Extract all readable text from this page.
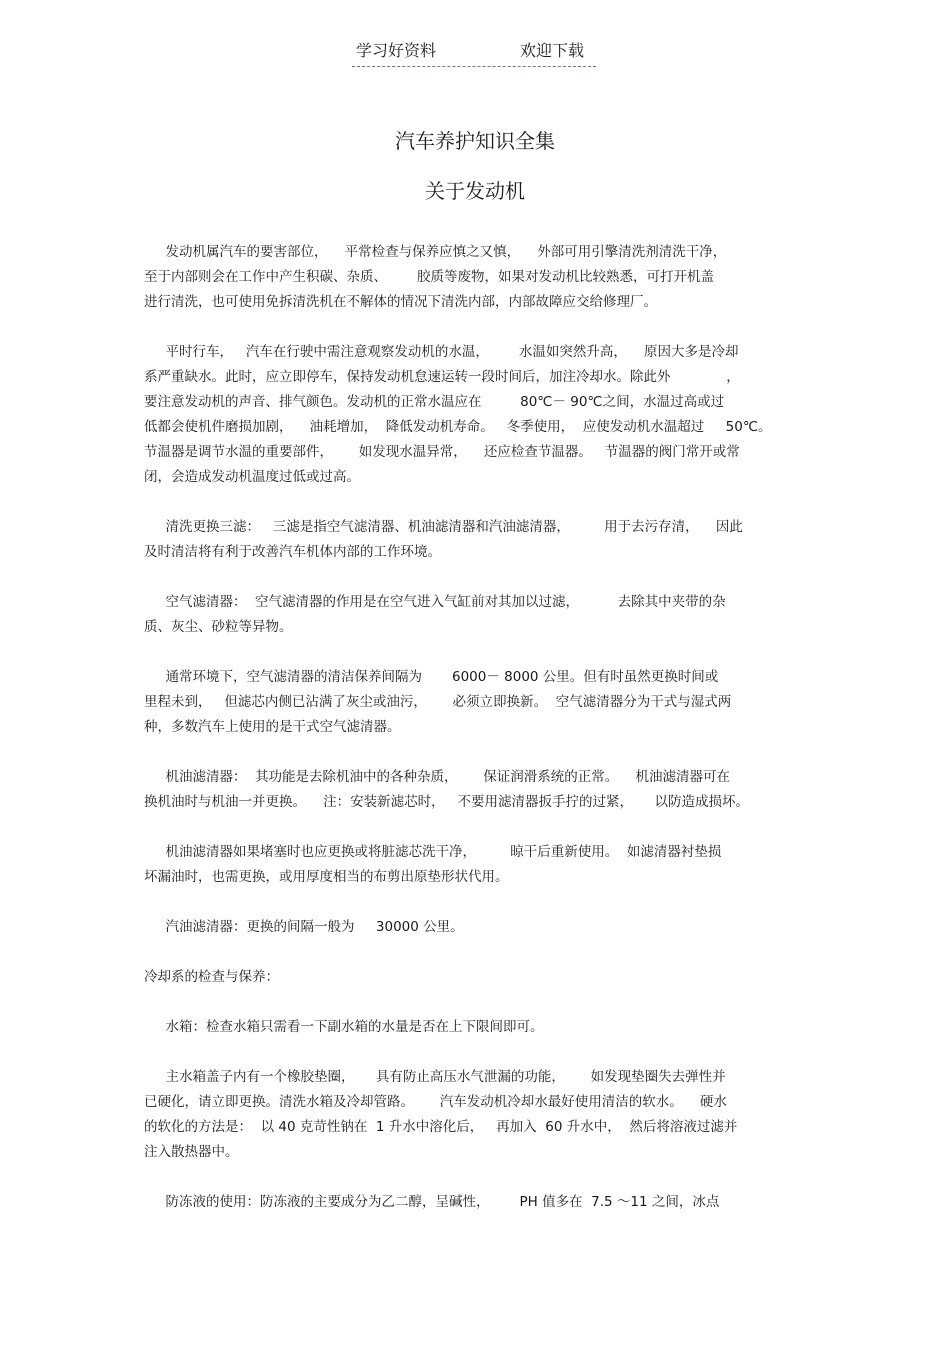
学习好资料	欢迎下载
汽车养护知识全集
关于发动机

发动机属汽车的要害部位，    平常检查与保养应慎之又慎，    外部可用引擎清洗剂清洗干净，
至于内部则会在工作中产生积碳、杂质、       胶质等废物，如果对发动机比较熟悉，可打开机盖
进行清洗，也可使用免拆清洗机在不解体的情况下清洗内部，内部故障应交给修理厂。

平时行车，   汽车在行驶中需注意观察发动机的水温，       水温如突然升高，    原因大多是冷却
系严重缺水。此时，应立即停车，保持发动机怠速运转一段时间后，加注冷却水。除此外             ，
要注意发动机的声音、排气颜色。发动机的正常水温应在         80℃－ 90℃之间，水温过高或过
低都会使机件磨损加剧，    油耗增加，  降低发动机寿命。   冬季使用，  应使发动机水温超过     50℃。
节温器是调节水温的重要部件，      如发现水温异常，    还应检查节温器。   节温器的阀门常开或常
闭，会造成发动机温度过低或过高。

清洗更换三滤：   三滤是指空气滤清器、机油滤清器和汽油滤清器，        用于去污存清，    因此
及时清洁将有利于改善汽车机体内部的工作环境。

空气滤清器：  空气滤清器的作用是在空气进入气缸前对其加以过滤，         去除其中夹带的杂
质、灰尘、砂粒等异物。

通常环境下，空气滤清器的清洁保养间隔为       6000－ 8000 公里。但有时虽然更换时间或
里程未到，   但滤芯内侧已沾满了灰尘或油污，      必须立即换新。  空气滤清器分为干式与湿式两
种，多数汽车上使用的是干式空气滤清器。

机油滤清器：  其功能是去除机油中的各种杂质，      保证润滑系统的正常。    机油滤清器可在
换机油时与机油一并更换。    注：安装新滤芯时，   不要用滤清器扳手拧的过紧，     以防造成损坏。

机油滤清器如果堵塞时也应更换或将脏滤芯洗干净，        晾干后重新使用。  如滤清器衬垫损
坏漏油时，也需更换，或用厚度相当的布剪出原垫形状代用。

汽油滤清器：更换的间隔一般为     30000 公里。

冷却系的检查与保养：

水箱：检查水箱只需看一下副水箱的水量是否在上下限间即可。

主水箱盖子内有一个橡胶垫圈，     具有防止高压水气泄漏的功能，      如发现垫圈失去弹性并
已硬化，请立即更换。清洗水箱及冷却管路。      汽车发动机冷却水最好使用清洁的软水。    硬水
的软化的方法是：  以 40 克苛性钠在  1 升水中溶化后，   再加入  60 升水中，  然后将溶液过滤并
注入散热器中。

防冻液的使用：防冻液的主要成分为乙二醇，呈碱性，       PH 值多在  7.5 ～11 之间，冰点
